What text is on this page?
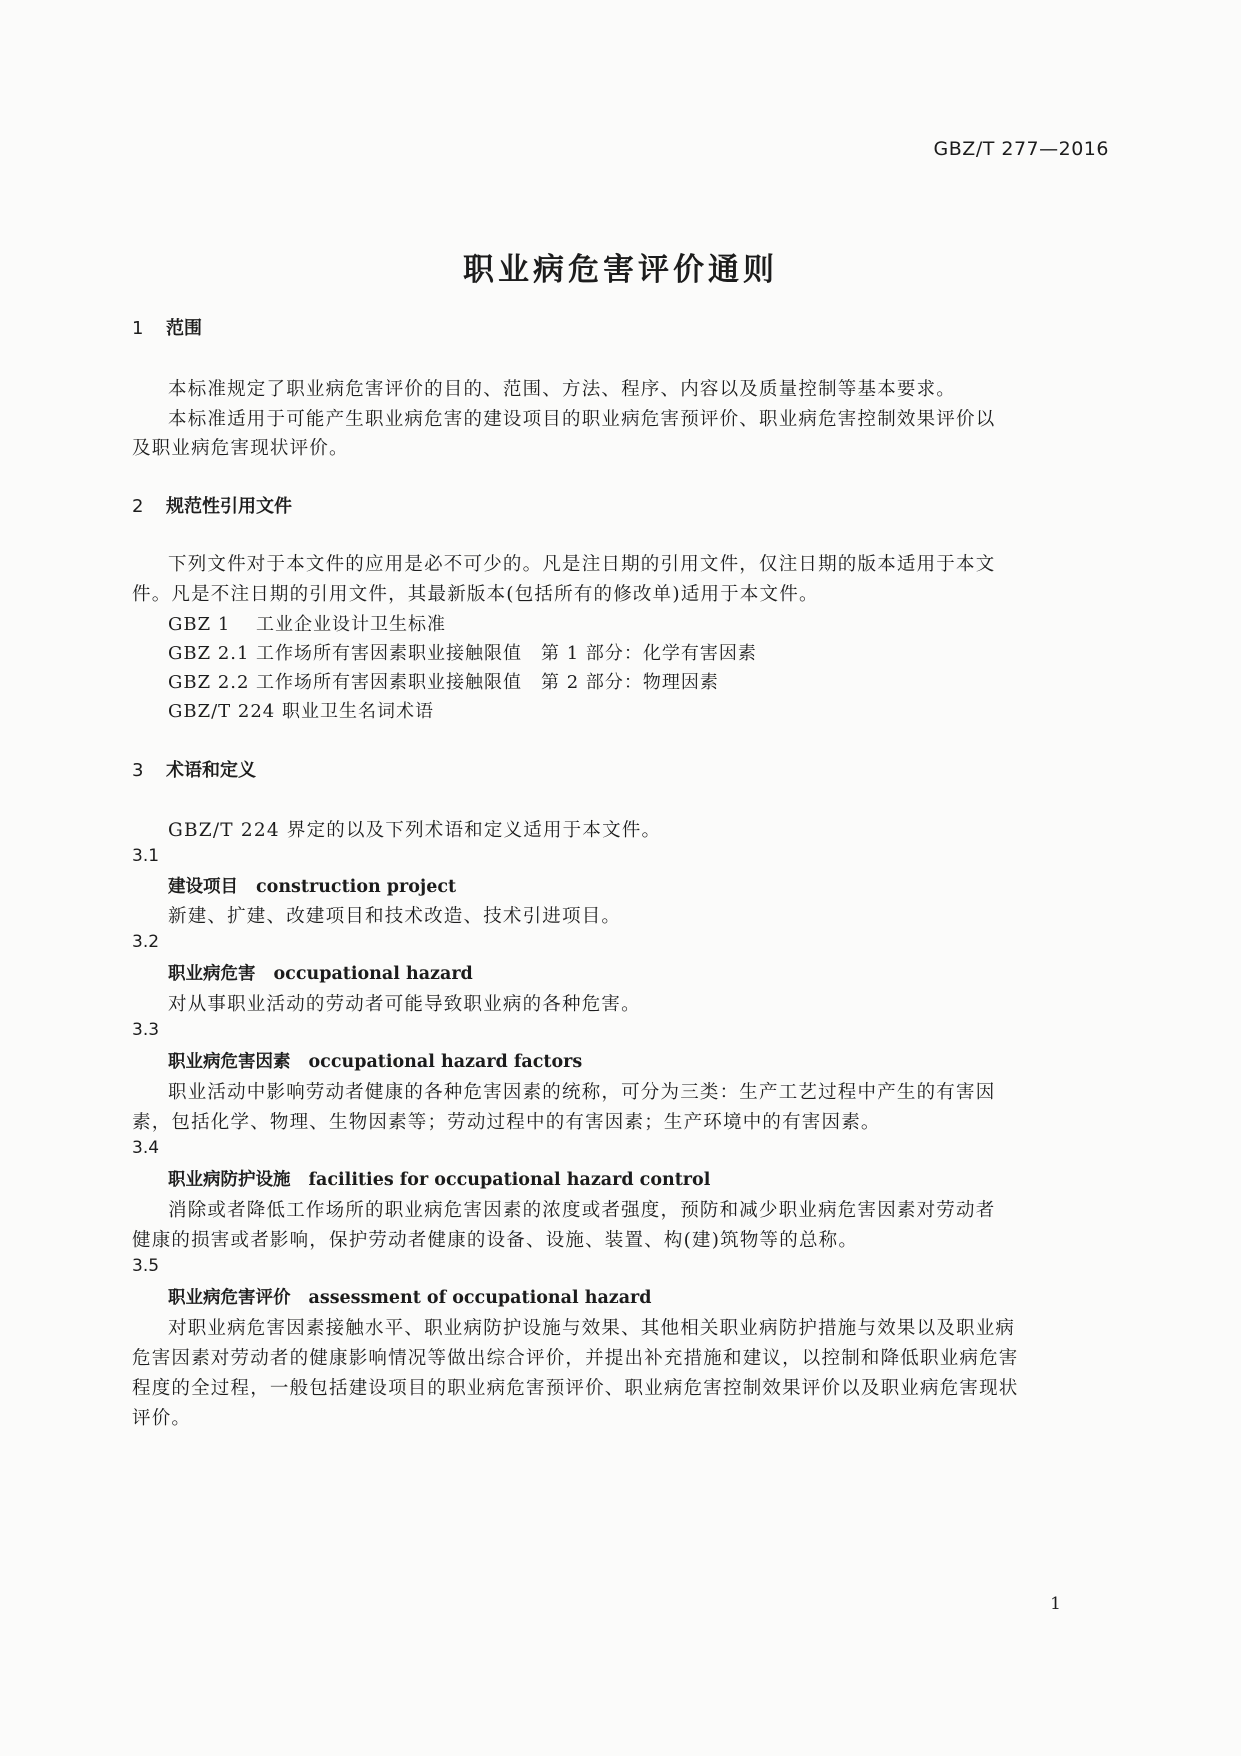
GBZ/T 277—2016
职业病危害评价通则
1 范围
本标准规定了职业病危害评价的目的、范围、方法、程序、内容以及质量控制等基本要求。
本标准适用于可能产生职业病危害的建设项目的职业病危害预评价、职业病危害控制效果评价以
及职业病危害现状评价。
2 规范性引用文件
下列文件对于本文件的应用是必不可少的。凡是注日期的引用文件，仅注日期的版本适用于本文
件。凡是不注日期的引用文件，其最新版本(包括所有的修改单)适用于本文件。
GBZ 1 工业企业设计卫生标准
GBZ 2.1 工作场所有害因素职业接触限值　第 1 部分：化学有害因素
GBZ 2.2 工作场所有害因素职业接触限值　第 2 部分：物理因素
GBZ/T 224 职业卫生名词术语
3 术语和定义
GBZ/T 224 界定的以及下列术语和定义适用于本文件。
3.1
建设项目 construction project
新建、扩建、改建项目和技术改造、技术引进项目。
3.2
职业病危害 occupational hazard
对从事职业活动的劳动者可能导致职业病的各种危害。
3.3
职业病危害因素 occupational hazard factors
职业活动中影响劳动者健康的各种危害因素的统称，可分为三类：生产工艺过程中产生的有害因
素，包括化学、物理、生物因素等；劳动过程中的有害因素；生产环境中的有害因素。
3.4
职业病防护设施 facilities for occupational hazard control
消除或者降低工作场所的职业病危害因素的浓度或者强度，预防和减少职业病危害因素对劳动者
健康的损害或者影响，保护劳动者健康的设备、设施、装置、构(建)筑物等的总称。
3.5
职业病危害评价 assessment of occupational hazard
对职业病危害因素接触水平、职业病防护设施与效果、其他相关职业病防护措施与效果以及职业病
危害因素对劳动者的健康影响情况等做出综合评价，并提出补充措施和建议，以控制和降低职业病危害
程度的全过程，一般包括建设项目的职业病危害预评价、职业病危害控制效果评价以及职业病危害现状
评价。
1
